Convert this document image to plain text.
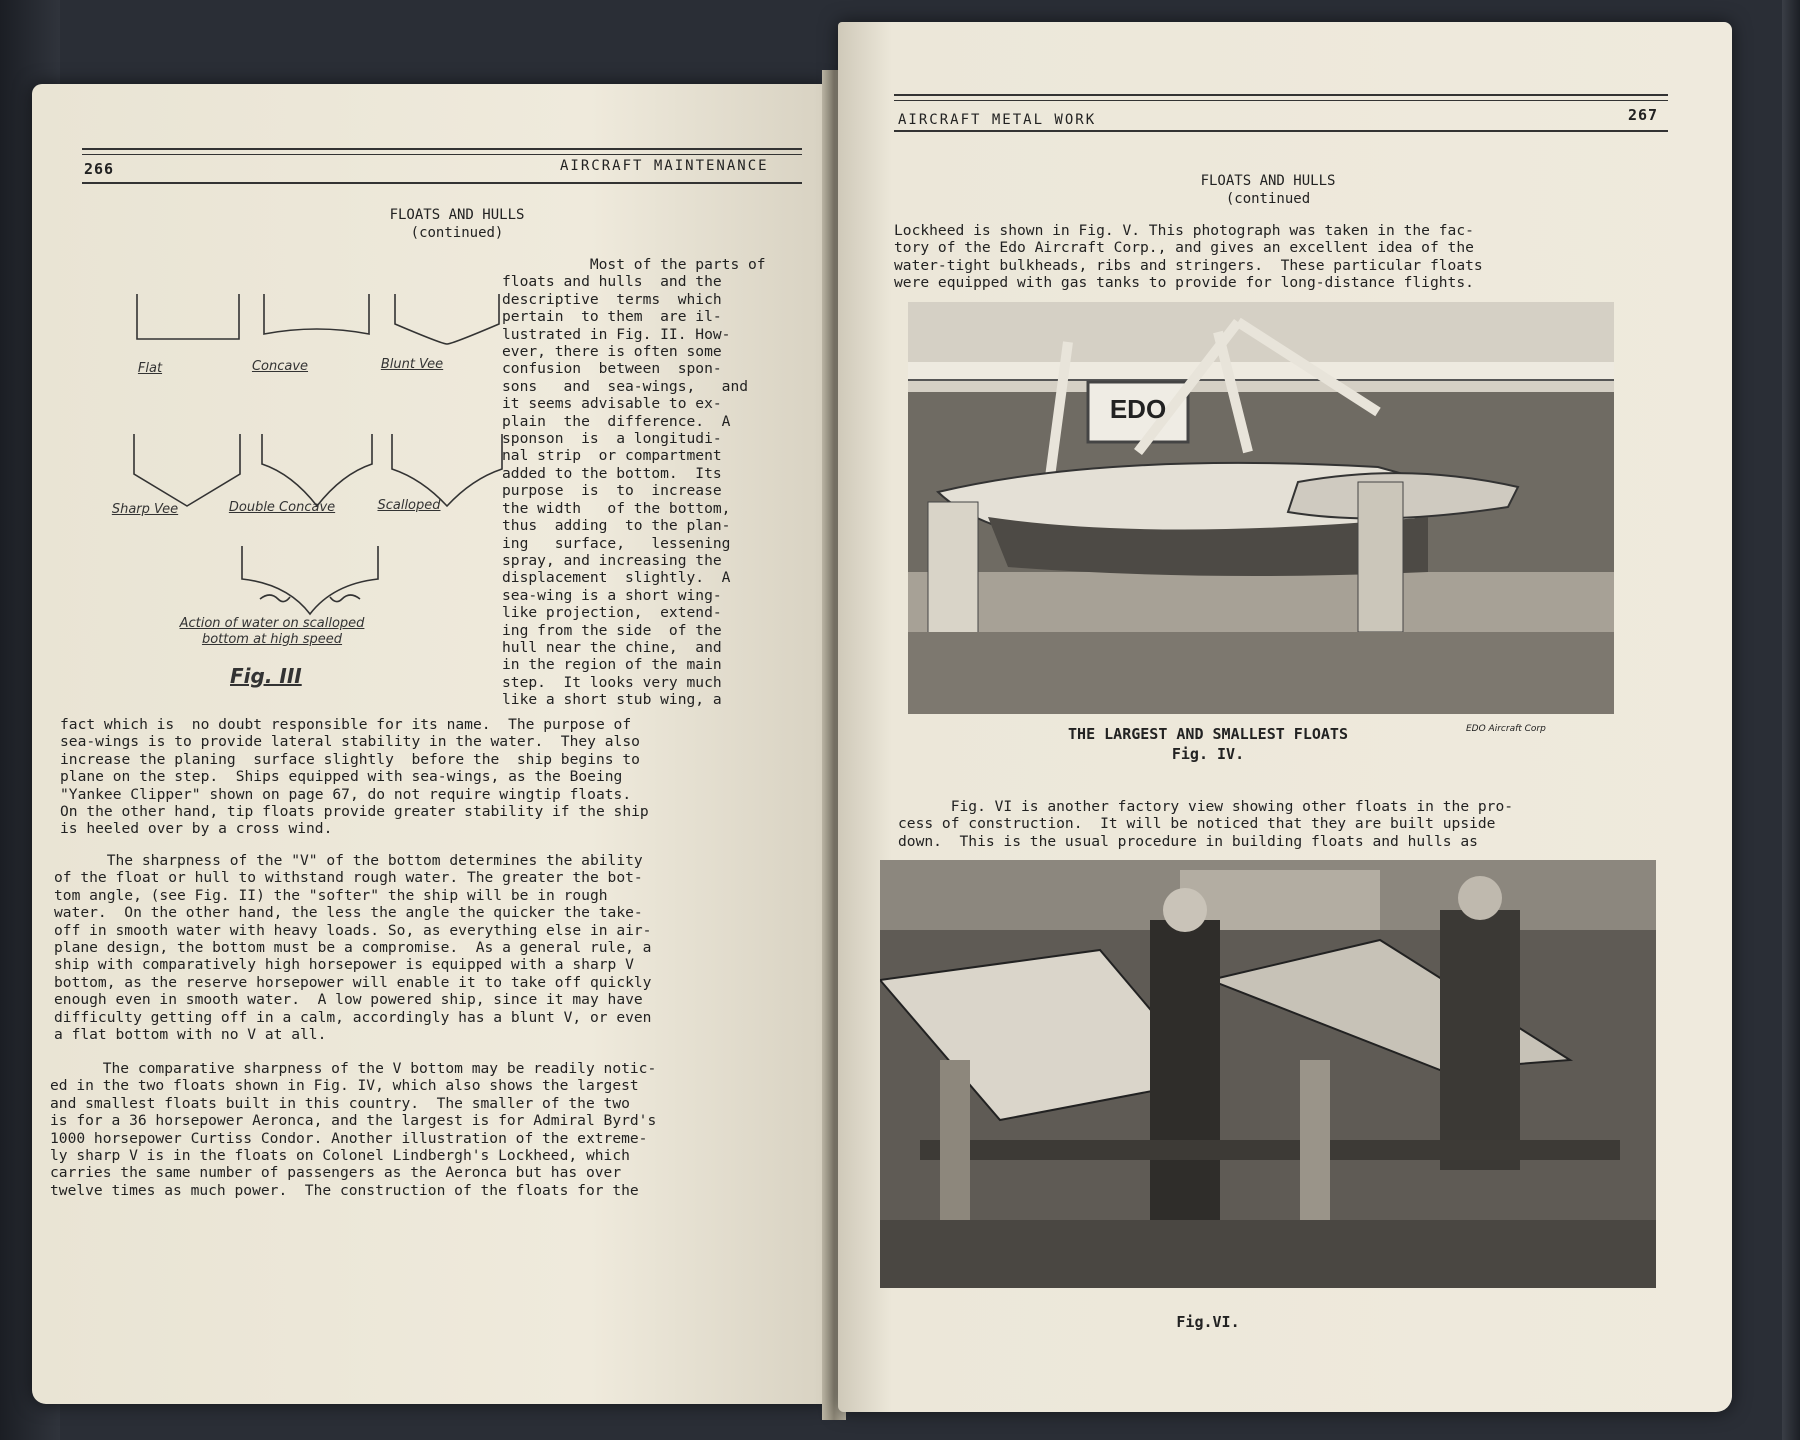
266	AIRCRAFT MAINTENANCE
FLOATS AND HULLS
(continued)
Flat	Concave	Blunt Vee
Sharp Vee	Double Concave	Scalloped
Action of water on scalloped
bottom at high speed
Fig. III
Most of the parts of
floats and hulls  and the
descriptive  terms  which
pertain  to them  are il-
lustrated in Fig. II. How-
ever, there is often some
confusion  between  spon-
sons   and  sea-wings,   and
it seems advisable to ex-
plain  the  difference.  A
sponson  is  a longitudi-
nal strip  or compartment
added to the bottom.  Its
purpose  is  to  increase
the width   of the bottom,
thus  adding  to the plan-
ing   surface,   lessening
spray, and increasing the
displacement  slightly.  A
sea-wing is a short wing-
like projection,  extend-
ing from the side  of the
hull near the chine,  and
in the region of the main
step.  It looks very much
like a short stub wing, a
fact which is  no doubt responsible for its name.  The purpose of
sea-wings is to provide lateral stability in the water.  They also
increase the planing  surface slightly  before the  ship begins to
plane on the step.  Ships equipped with sea-wings, as the Boeing
"Yankee Clipper" shown on page 67, do not require wingtip floats.
On the other hand, tip floats provide greater stability if the ship
is heeled over by a cross wind.
The sharpness of the "V" of the bottom determines the ability
of the float or hull to withstand rough water. The greater the bot-
tom angle, (see Fig. II) the "softer" the ship will be in rough
water.  On the other hand, the less the angle the quicker the take-
off in smooth water with heavy loads. So, as everything else in air-
plane design, the bottom must be a compromise.  As a general rule, a
ship with comparatively high horsepower is equipped with a sharp V
bottom, as the reserve horsepower will enable it to take off quickly
enough even in smooth water.  A low powered ship, since it may have
difficulty getting off in a calm, accordingly has a blunt V, or even
a flat bottom with no V at all.
The comparative sharpness of the V bottom may be readily notic-
ed in the two floats shown in Fig. IV, which also shows the largest
and smallest floats built in this country.  The smaller of the two
is for a 36 horsepower Aeronca, and the largest is for Admiral Byrd's
1000 horsepower Curtiss Condor. Another illustration of the extreme-
ly sharp V is in the floats on Colonel Lindbergh's Lockheed, which
carries the same number of passengers as the Aeronca but has over
twelve times as much power.  The construction of the floats for the
AIRCRAFT METAL WORK	267
FLOATS AND HULLS
(continued
Lockheed is shown in Fig. V. This photograph was taken in the fac-
tory of the Edo Aircraft Corp., and gives an excellent idea of the
water-tight bulkheads, ribs and stringers.  These particular floats
were equipped with gas tanks to provide for long-distance flights.
EDO
THE LARGEST AND SMALLEST FLOATS
Fig. IV.
EDO Aircraft Corp
Fig. VI is another factory view showing other floats in the pro-
cess of construction.  It will be noticed that they are built upside
down.  This is the usual procedure in building floats and hulls as
Fig.VI.
